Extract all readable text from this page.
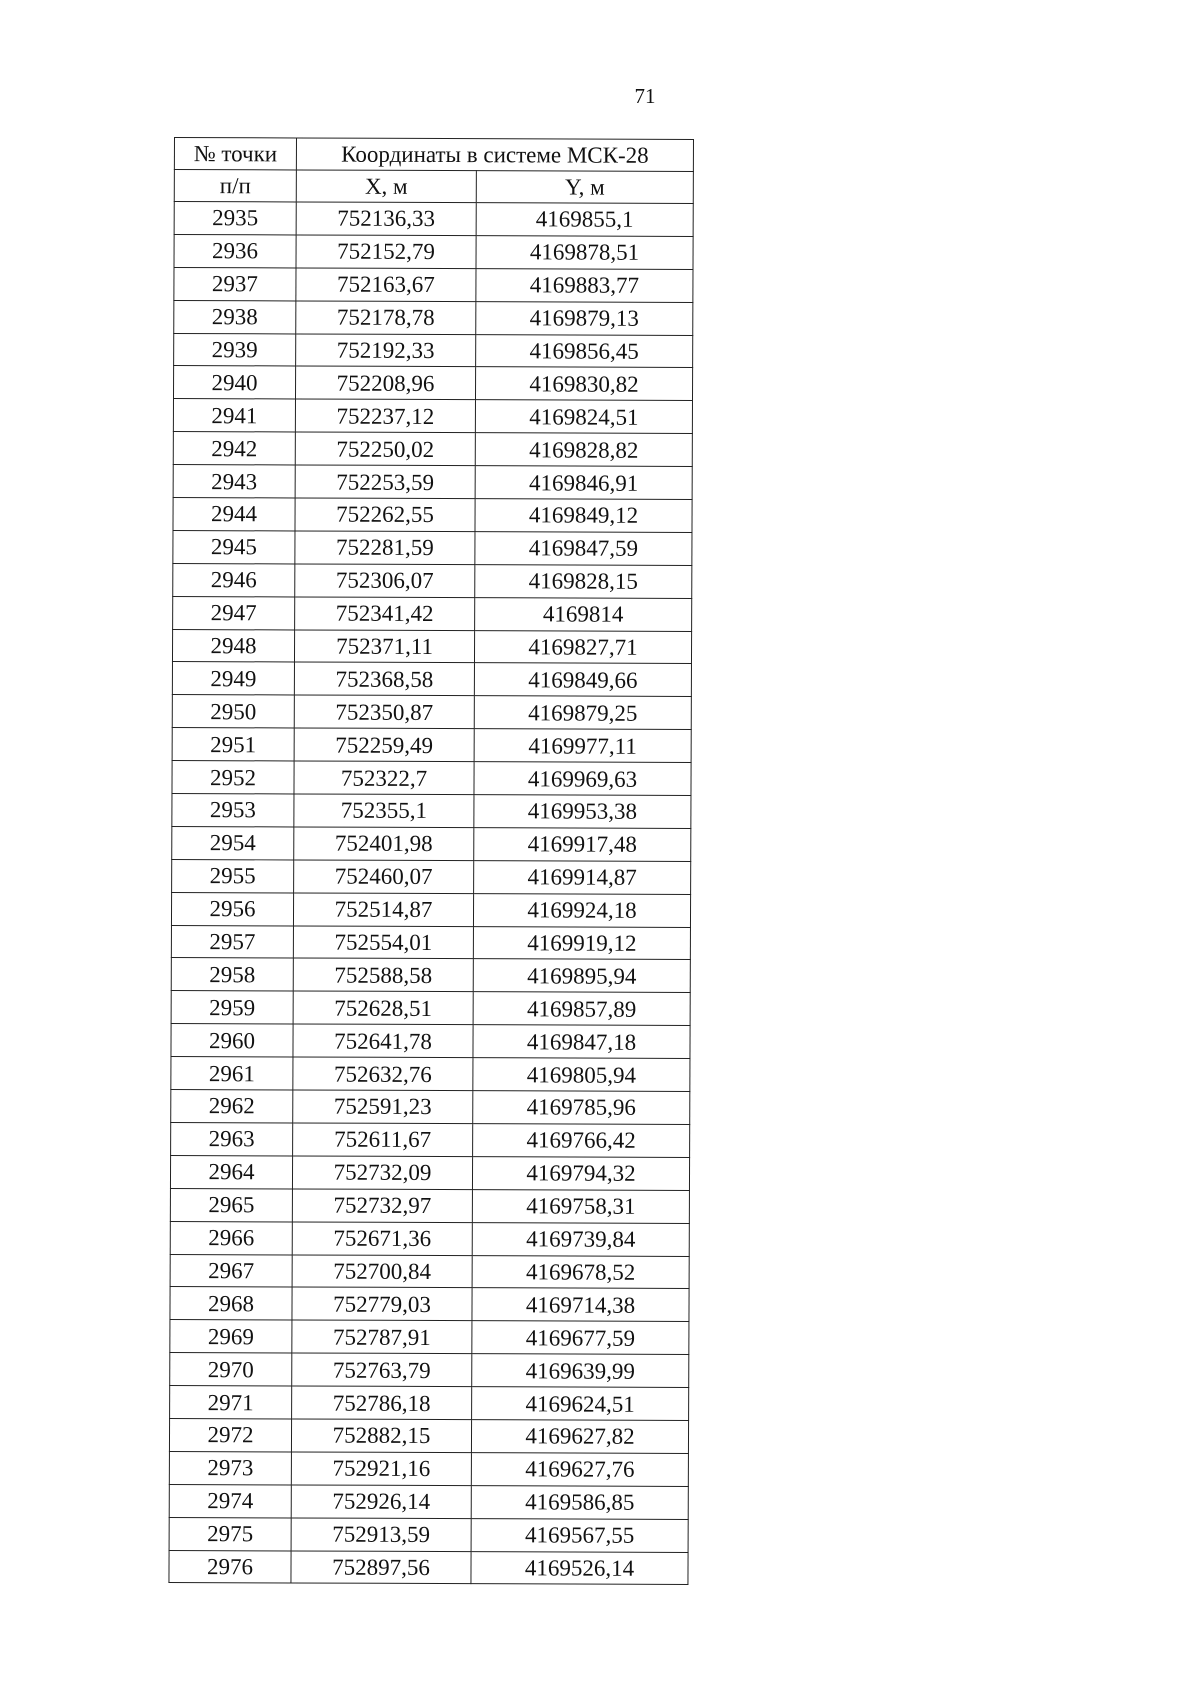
71
№ точки	Координаты в системе МСК-28	
п/п	X, м	Y, м
2935	752136,33	4169855,1
2936	752152,79	4169878,51
2937	752163,67	4169883,77
2938	752178,78	4169879,13
2939	752192,33	4169856,45
2940	752208,96	4169830,82
2941	752237,12	4169824,51
2942	752250,02	4169828,82
2943	752253,59	4169846,91
2944	752262,55	4169849,12
2945	752281,59	4169847,59
2946	752306,07	4169828,15
2947	752341,42	4169814
2948	752371,11	4169827,71
2949	752368,58	4169849,66
2950	752350,87	4169879,25
2951	752259,49	4169977,11
2952	752322,7	4169969,63
2953	752355,1	4169953,38
2954	752401,98	4169917,48
2955	752460,07	4169914,87
2956	752514,87	4169924,18
2957	752554,01	4169919,12
2958	752588,58	4169895,94
2959	752628,51	4169857,89
2960	752641,78	4169847,18
2961	752632,76	4169805,94
2962	752591,23	4169785,96
2963	752611,67	4169766,42
2964	752732,09	4169794,32
2965	752732,97	4169758,31
2966	752671,36	4169739,84
2967	752700,84	4169678,52
2968	752779,03	4169714,38
2969	752787,91	4169677,59
2970	752763,79	4169639,99
2971	752786,18	4169624,51
2972	752882,15	4169627,82
2973	752921,16	4169627,76
2974	752926,14	4169586,85
2975	752913,59	4169567,55
2976	752897,56	4169526,14
